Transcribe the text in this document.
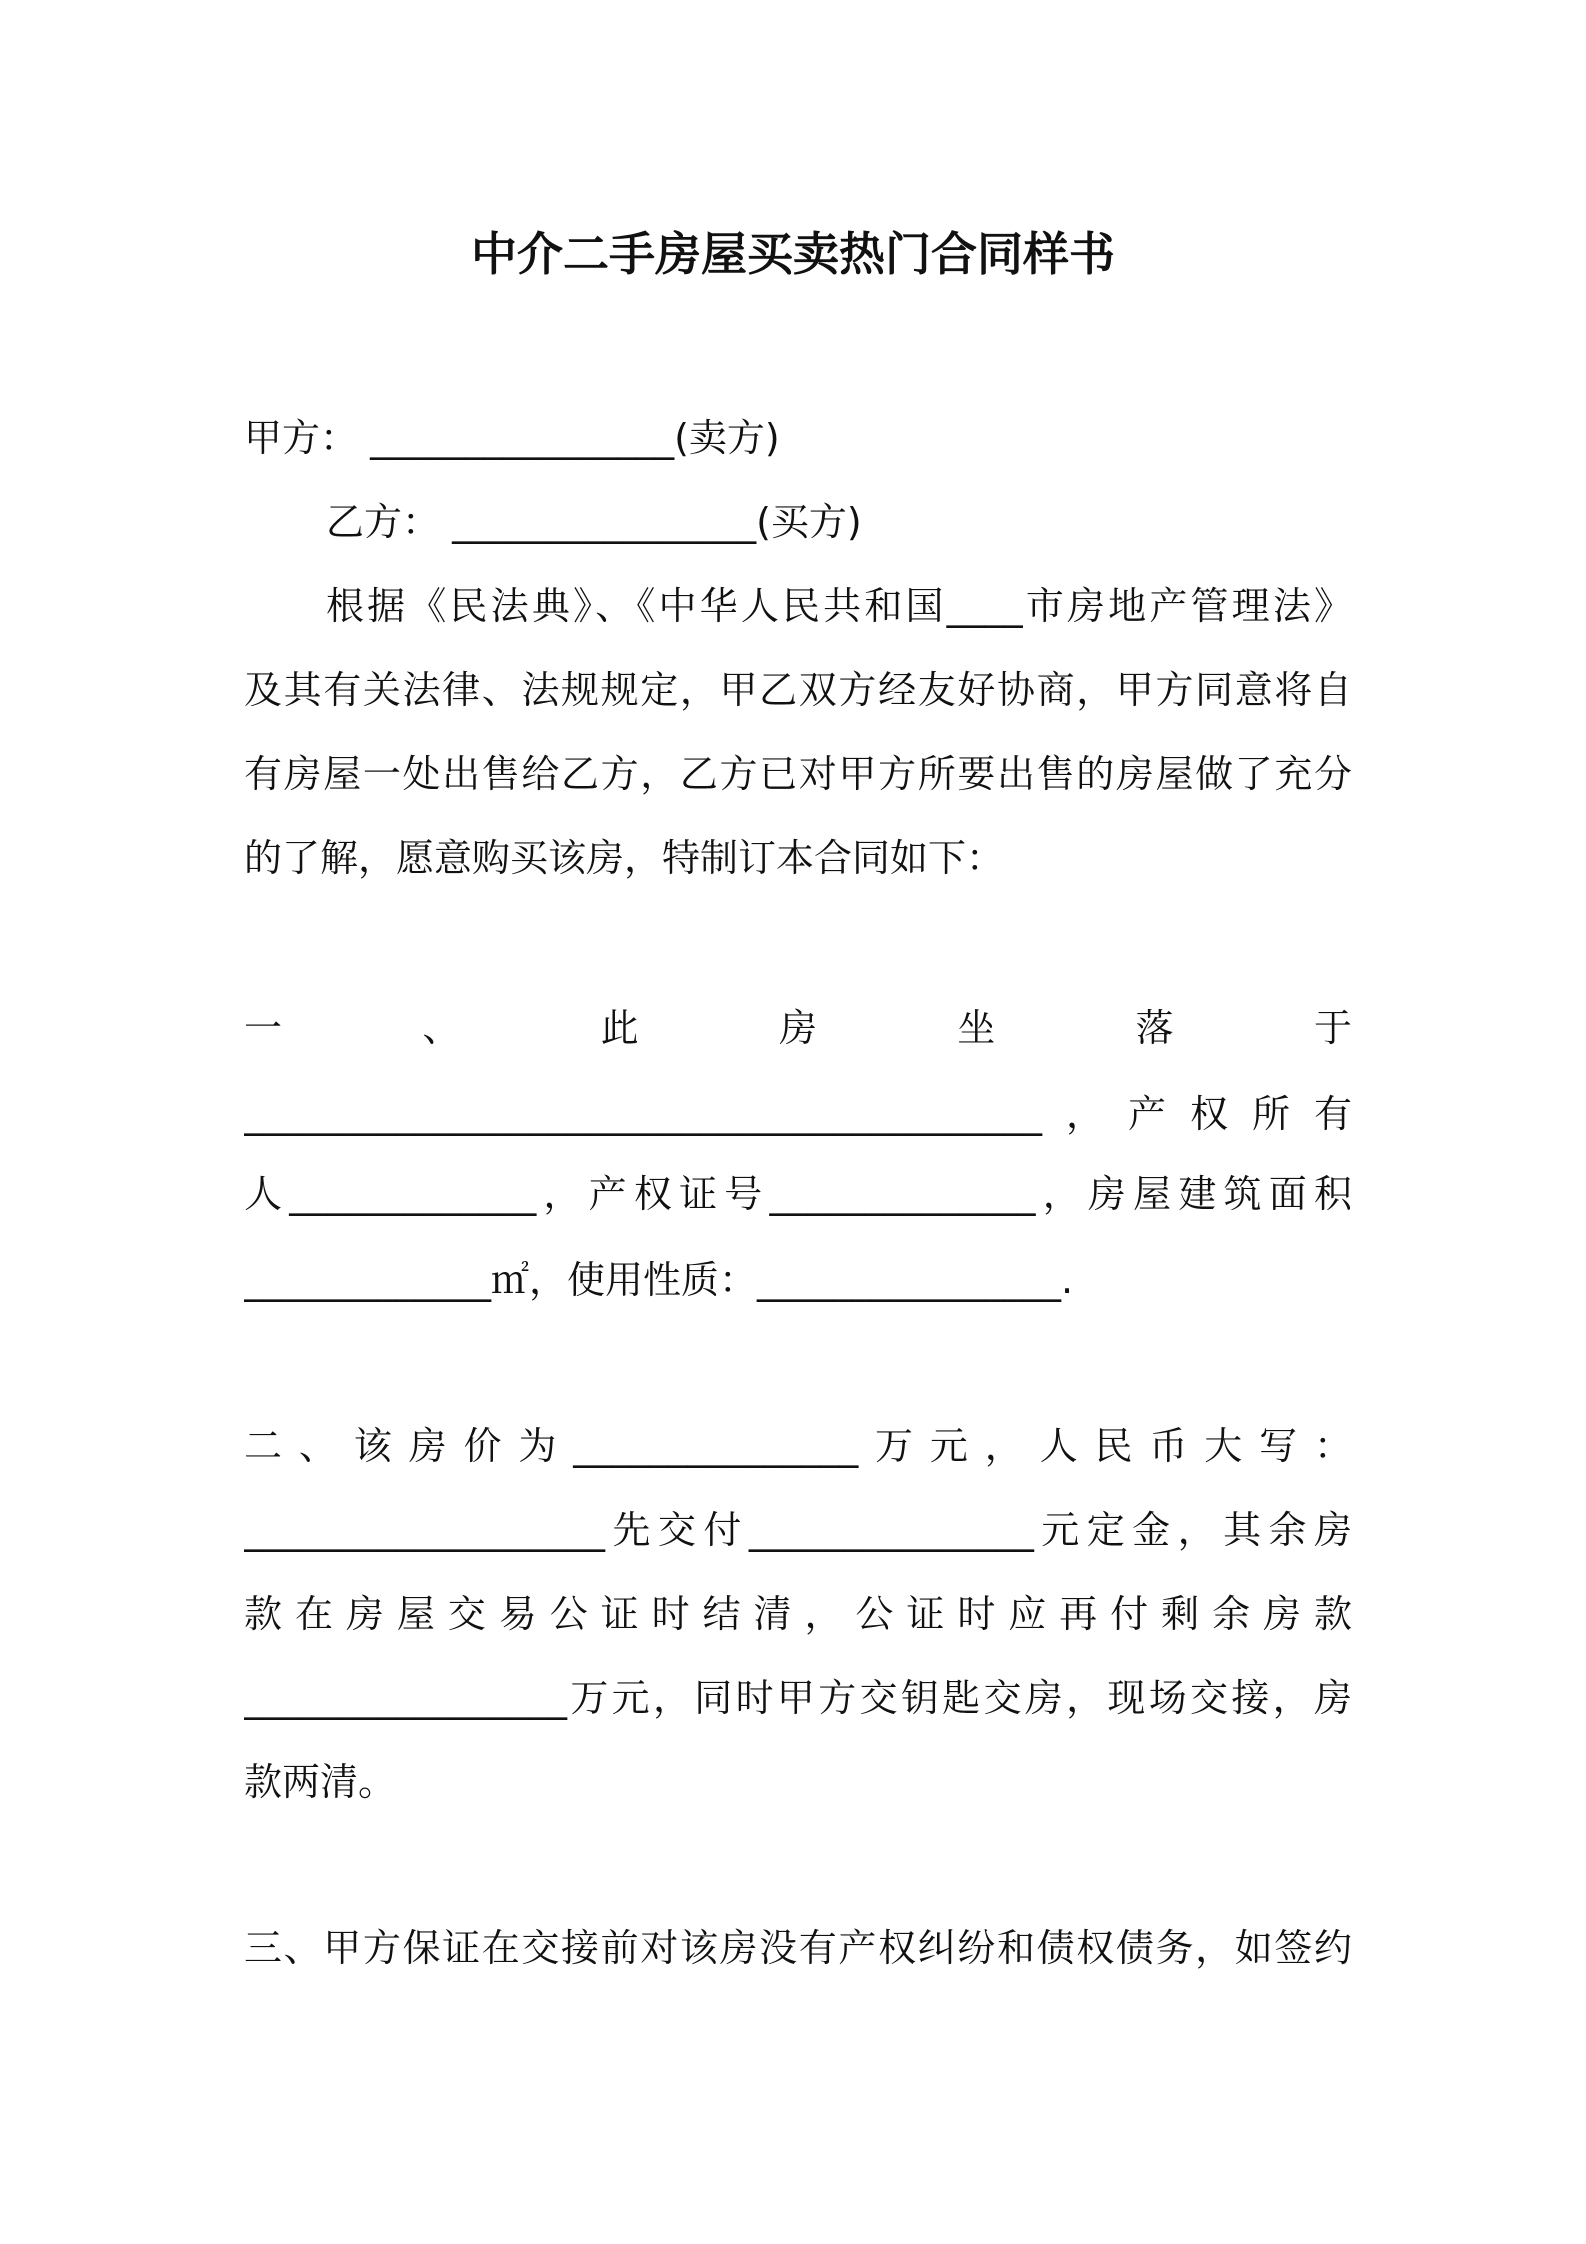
中介二手房屋买卖热门合同样书
甲方： ________________(卖方)
乙方： ________________(买方)
根据《民法典》、《中华人民共和国____市房地产管理法》
及其有关法律、法规规定，甲乙双方经友好协商，甲方同意将自
有房屋一处出售给乙方，乙方已对甲方所要出售的房屋做了充分
的了解，愿意购买该房，特制订本合同如下：
一	、	此	房	坐	落	于
__________________________________________，产权所有
人_____________，产权证号______________，房屋建筑面积
_____________㎡，使用性质：________________.
二、该房价为_______________万元，人民币大写：
___________________先交付_______________元定金，其余房
款在房屋交易公证时结清，公证时应再付剩余房款
_________________万元，同时甲方交钥匙交房，现场交接，房
款两清。
三、甲方保证在交接前对该房没有产权纠纷和债权债务，如签约
